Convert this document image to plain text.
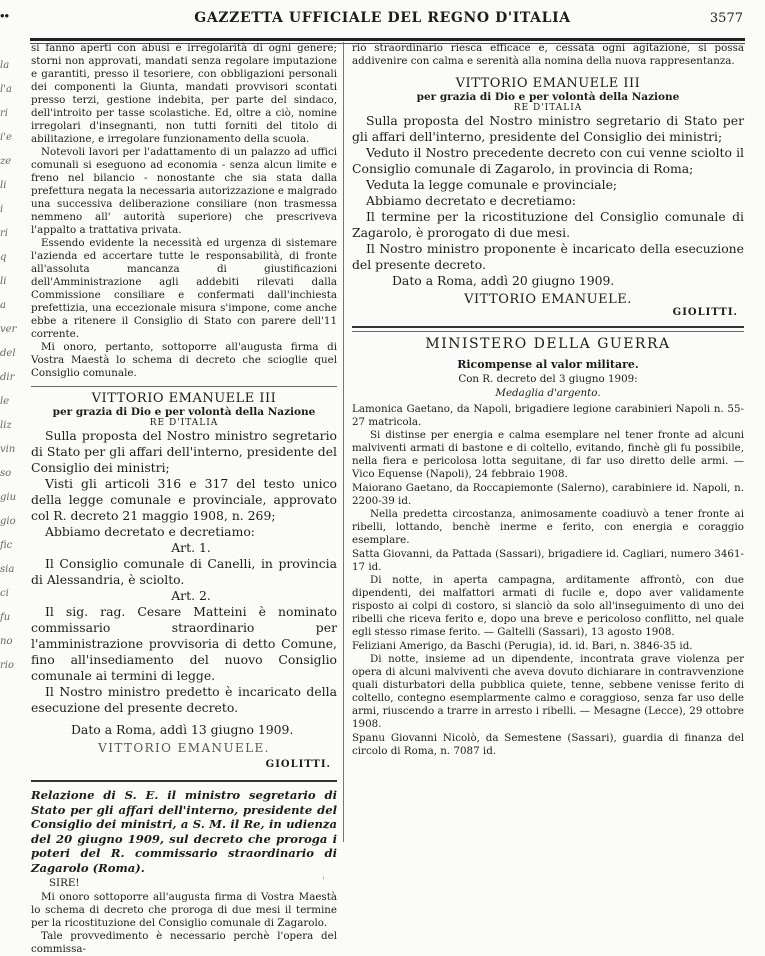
••	GAZZETTA UFFICIALE DEL REGNO D'ITALIA	3577
la
l'a
ri
i'e
ze
li
i
ri
q
li
a
ver
del
dir
le
liz
vin
so
giu
gio
fic
sia
ci
fu
no
rio

si fanno aperti con abusi e irregolarità di ogni genere; storni non approvati, mandati senza regolare imputazione e garantiti, presso il tesoriere, con obbligazioni personali dei componenti la Giunta, mandati provvisori scontati presso terzi, gestione indebita, per parte del sindaco, dell'introito per tasse scolastiche. Ed, oltre a ciò, nomine irregolari d'insegnanti, non tutti forniti del titolo di abilitazione, e irregolare funzionamento della scuola.

Notevoli lavori per l'adattamento di un palazzo ad uffici comunali si eseguono ad economia - senza alcun limite e freno nel bilancio - nonostante che sia stata dalla prefettura negata la necessaria autorizzazione e malgrado una successiva deliberazione consiliare (non trasmessa nemmeno all' autorità superiore) che prescriveva l'appalto a trattativa privata.

Essendo evidente la necessità ed urgenza di sistemare l'azienda ed accertare tutte le responsabilità, di fronte all'assoluta mancanza di giustificazioni dell'Amministrazione agli addebiti rilevati dalla Commissione consiliare e confermati dall'inchiesta prefettizia, una eccezionale misura s'impone, come anche ebbe a ritenere il Consiglio di Stato con parere dell'11 corrente.

Mi onoro, pertanto, sottoporre all'augusta firma di Vostra Maestà lo schema di decreto che scioglie quel Consiglio comunale.

VITTORIO EMANUELE III

per grazia di Dio e per volontà della Nazione

RE D'ITALIA

Sulla proposta del Nostro ministro segretario di Stato per gli affari dell'interno, presidente del Consiglio dei ministri;

Visti gli articoli 316 e 317 del testo unico della legge comunale e provinciale, approvato col R. decreto 21 maggio 1908, n. 269;

Abbiamo decretato e decretiamo:

Art. 1.

Il Consiglio comunale di Canelli, in provincia di Alessandria, è sciolto.

Art. 2.

Il sig. rag. Cesare Matteini è nominato commissario straordinario per l'amministrazione provvisoria di detto Comune, fino all'insediamento del nuovo Consiglio comunale ai termini di legge.

Il Nostro ministro predetto è incaricato della esecuzione del presente decreto.

Dato a Roma, addì 13 giugno 1909.

VITTORIO EMANUELE.

GIOLITTI.

Relazione di S. E. il ministro segretario di Stato per gli affari dell'interno, presidente del Consiglio dei ministri, a S. M. il Re, in udienza del 20 giugno 1909, sul decreto che proroga i poteri del R. commissario straordinario di Zagarolo (Roma).

SIRE!

Mi onoro sottoporre all'augusta firma di Vostra Maestà lo schema di decreto che proroga di due mesi il termine per la ricostituzione del Consiglio comunale di Zagarolo.

Tale provvedimento è necessario perchè l'opera del commissa-

rio straordinario riesca efficace e, cessata ogni agitazione, si possa addivenire con calma e serenità alla nomina della nuova rappresentanza.

VITTORIO EMANUELE III

per grazia di Dio e per volontà della Nazione

RE D'ITALIA

Sulla proposta del Nostro ministro segretario di Stato per gli affari dell'interno, presidente del Consiglio dei ministri;

Veduto il Nostro precedente decreto con cui venne sciolto il Consiglio comunale di Zagarolo, in provincia di Roma;

Veduta la legge comunale e provinciale;

Abbiamo decretato e decretiamo:

Il termine per la ricostituzione del Consiglio comunale di Zagarolo, è prorogato di due mesi.

Il Nostro ministro proponente è incaricato della esecuzione del presente decreto.

Dato a Roma, addì 20 giugno 1909.

VITTORIO EMANUELE.

GIOLITTI.

MINISTERO DELLA GUERRA

Ricompense al valor militare.

Con R. decreto del 3 giugno 1909:

Medaglia d'argento.

Lamonica Gaetano, da Napoli, brigadiere legione carabinieri Napoli n. 55-27 matricola.
Si distinse per energia e calma esemplare nel tener fronte ad alcuni malviventi armati di bastone e di coltello, evitando, finchè gli fu possibile, nella fiera e pericolosa lotta seguitane, di far uso diretto delle armi. — Vico Equense (Napoli), 24 febbraio 1908.
Maiorano Gaetano, da Roccapiemonte (Salerno), carabiniere id. Napoli, n. 2200-39 id.
Nella predetta circostanza, animosamente coadiuvò a tener fronte ai ribelli, lottando, benchè inerme e ferito, con energia e coraggio esemplare.
Satta Giovanni, da Pattada (Sassari), brigadiere id. Cagliari, numero 3461-17 id.
Di notte, in aperta campagna, arditamente affrontò, con due dipendenti, dei malfattori armati di fucile e, dopo aver validamente risposto ai colpi di costoro, si slanciò da solo all'inseguimento di uno dei ribelli che riceva ferito e, dopo una breve e pericoloso conflitto, nel quale egli stesso rimase ferito. — Galtelli (Sassari), 13 agosto 1908.
Feliziani Amerigo, da Baschi (Perugia), id. id. Bari, n. 3846-35 id.
Di notte, insieme ad un dipendente, incontrata grave violenza per opera di alcuni malviventi che aveva dovuto dichiarare in contravvenzione quali disturbatori della pubblica quiete, tenne, sebbene venisse ferito di coltello, contegno esemplarmente calmo e coraggioso, senza far uso delle armi, riuscendo a trarre in arresto i ribelli. — Mesagne (Lecce), 29 ottobre 1908.
Spanu Giovanni Nicolò, da Semestene (Sassari), guardia di finanza del circolo di Roma, n. 7087 id.
'
